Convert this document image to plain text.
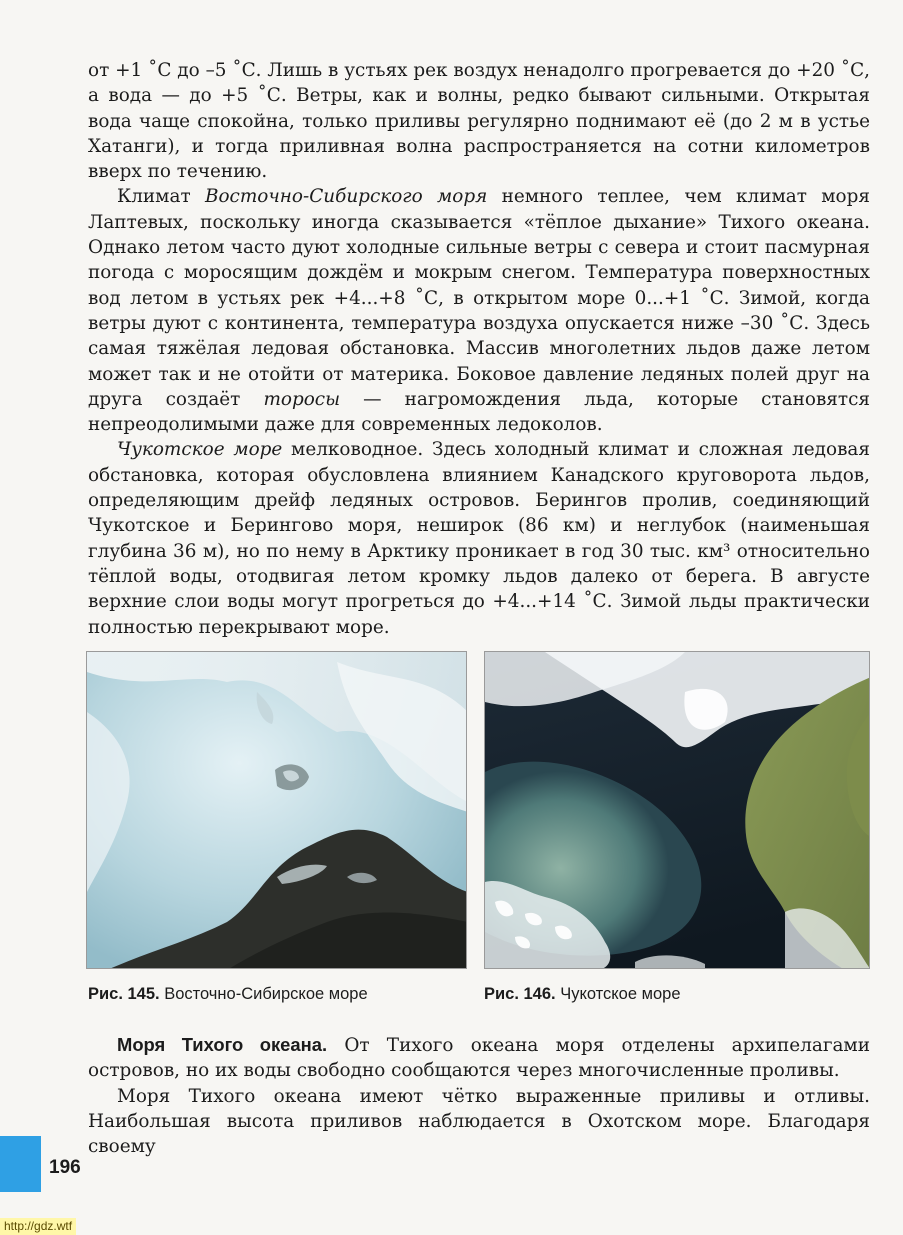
от +1 ˚С до –5 ˚С. Лишь в устьях рек воздух ненадолго прогревается до +20 ˚С, а вода — до +5 ˚С. Ветры, как и волны, редко бывают сильными. Открытая вода чаще спокойна, только приливы регулярно поднимают её (до 2 м в устье Хатанги), и тогда приливная волна распространяется на сотни километров вверх по течению.

Климат Восточно-Сибирского моря немного теплее, чем климат моря Лаптевых, поскольку иногда сказывается «тёплое дыхание» Тихого океана. Однако летом часто дуют холодные сильные ветры с севера и стоит пасмурная погода с моросящим дождём и мокрым снегом. Температура поверхностных вод летом в устьях рек +4...+8 ˚С, в открытом море 0...+1 ˚С. Зимой, когда ветры дуют с континента, температура воздуха опускается ниже –30 ˚С. Здесь самая тяжёлая ледовая обстановка. Массив многолетних льдов даже летом может так и не отойти от материка. Боковое давление ледяных полей друг на друга создаёт торосы — нагромождения льда, которые становятся непреодолимыми даже для современных ледоколов.

Чукотское море мелководное. Здесь холодный климат и сложная ледовая обстановка, которая обусловлена влиянием Канадского круговорота льдов, определяющим дрейф ледяных островов. Берингов пролив, соединяющий Чукотское и Берингово моря, неширок (86 км) и неглубок (наименьшая глубина 36 м), но по нему в Арктику проникает в год 30 тыс. км³ относительно тёплой воды, отодвигая летом кромку льдов далеко от берега. В августе верхние слои воды могут прогреться до +4...+14 ˚С. Зимой льды практически полностью перекрывают море.

Рис. 145. Восточно-Сибирское море	Рис. 146. Чукотское море

Моря Тихого океана. От Тихого океана моря отделены архипелагами островов, но их воды свободно сообщаются через многочисленные проливы.

Моря Тихого океана имеют чётко выраженные приливы и отливы. Наибольшая высота приливов наблюдается в Охотском море. Благодаря своему

196
http://gdz.wtf
